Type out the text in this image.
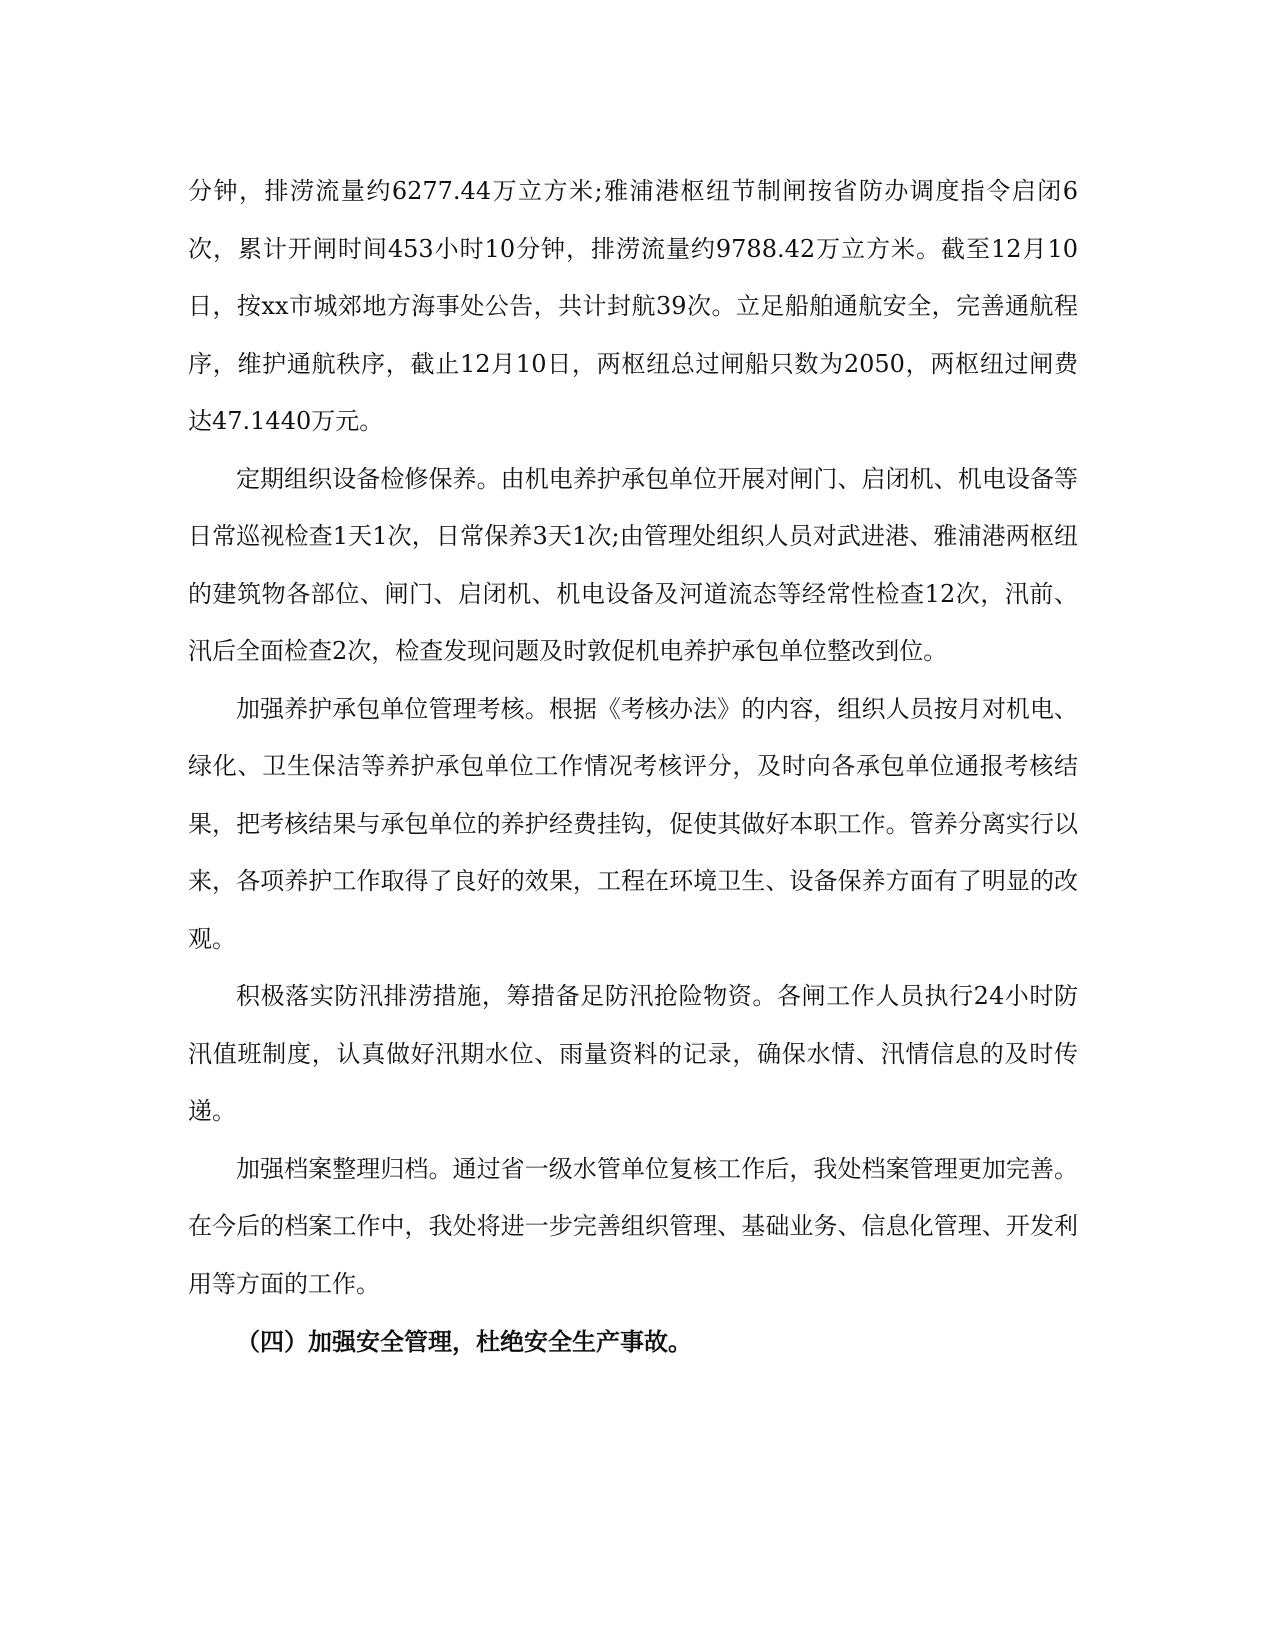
分钟，排涝流量约6277.44万立方米;雅浦港枢纽节制闸按省防办调度指令启闭6次，累计开闸时间453小时10分钟，排涝流量约9788.42万立方米。截至12月10日，按xx市城郊地方海事处公告，共计封航39次。立足船舶通航安全，完善通航程序，维护通航秩序，截止12月10日，两枢纽总过闸船只数为2050，两枢纽过闸费达47.1440万元。

定期组织设备检修保养。由机电养护承包单位开展对闸门、启闭机、机电设备等日常巡视检查1天1次，日常保养3天1次;由管理处组织人员对武进港、雅浦港两枢纽的建筑物各部位、闸门、启闭机、机电设备及河道流态等经常性检查12次，汛前、汛后全面检查2次，检查发现问题及时敦促机电养护承包单位整改到位。

加强养护承包单位管理考核。根据《考核办法》的内容，组织人员按月对机电、绿化、卫生保洁等养护承包单位工作情况考核评分，及时向各承包单位通报考核结果，把考核结果与承包单位的养护经费挂钩，促使其做好本职工作。管养分离实行以来，各项养护工作取得了良好的效果，工程在环境卫生、设备保养方面有了明显的改观。

积极落实防汛排涝措施，筹措备足防汛抢险物资。各闸工作人员执行24小时防汛值班制度，认真做好汛期水位、雨量资料的记录，确保水情、汛情信息的及时传递。

加强档案整理归档。通过省一级水管单位复核工作后，我处档案管理更加完善。在今后的档案工作中，我处将进一步完善组织管理、基础业务、信息化管理、开发利用等方面的工作。

（四）加强安全管理，杜绝安全生产事故。
